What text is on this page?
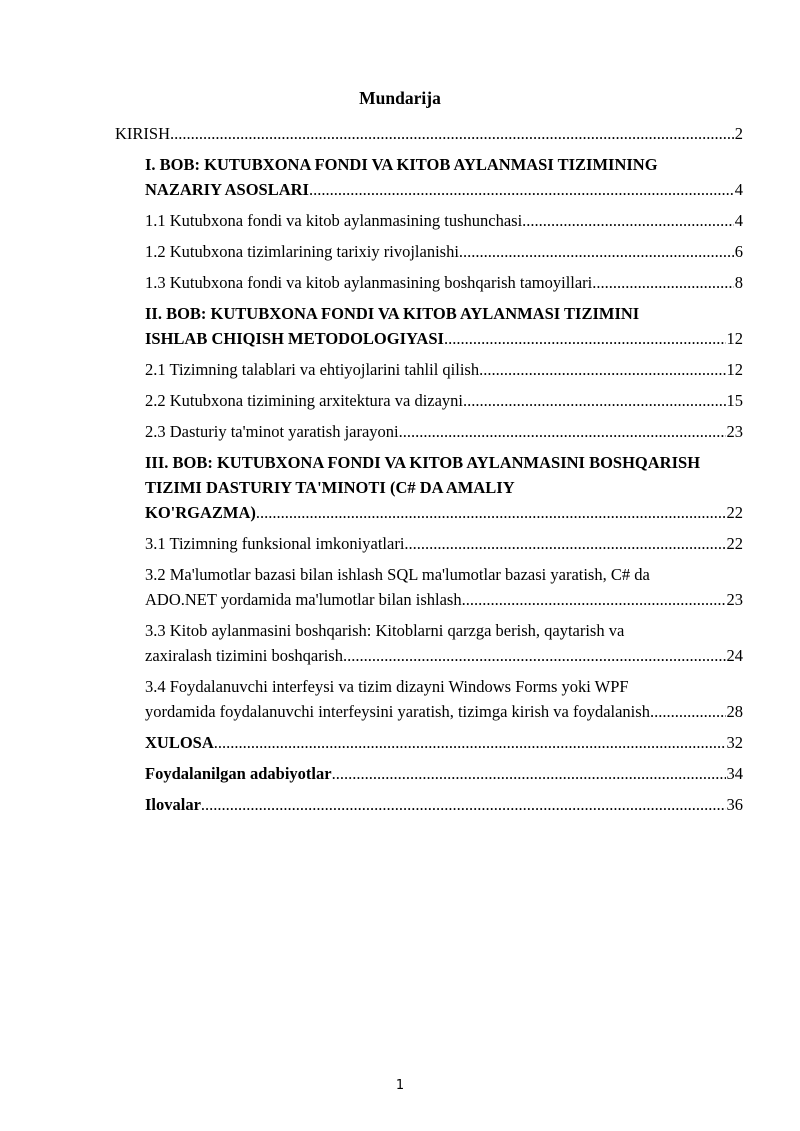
Mundarija
KIRISH .....	2
I. BOB: KUTUBXONA FONDI VA KITOB AYLANMASI TIZIMINING
NAZARIY ASOSLARI .....	4
1.1 Kutubxona fondi va kitob aylanmasining tushunchasi .....	4
1.2 Kutubxona tizimlarining tarixiy rivojlanishi .....	6
1.3 Kutubxona fondi va kitob aylanmasining boshqarish tamoyillari .....	8
II. BOB: KUTUBXONA FONDI VA KITOB AYLANMASI TIZIMINI
ISHLAB CHIQISH METODOLOGIYASI .....	12
2.1 Tizimning talablari va ehtiyojlarini tahlil qilish .....	12
2.2 Kutubxona tizimining arxitektura va dizayni .....	15
2.3 Dasturiy ta'minot yaratish jarayoni .....	23
III. BOB: KUTUBXONA FONDI VA KITOB AYLANMASINI BOSHQARISH TIZIMI DASTURIY TA'MINOTI (C# DA AMALIY
KO'RGAZMA) .....	22
3.1 Tizimning funksional imkoniyatlari .....	22
3.2 Ma'lumotlar bazasi bilan ishlash SQL ma'lumotlar bazasi yaratish, C# da
ADO.NET yordamida ma'lumotlar bilan ishlash .....	23
3.3 Kitob aylanmasini boshqarish: Kitoblarni qarzga berish, qaytarish va
zaxiralash tizimini boshqarish .....	24
3.4 Foydalanuvchi interfeysi va tizim dizayni Windows Forms yoki WPF
yordamida foydalanuvchi interfeysini yaratish, tizimga kirish va foydalanish. .....	28
XULOSA .....	32
Foydalanilgan adabiyotlar .....	34
Ilovalar .....	36
1
